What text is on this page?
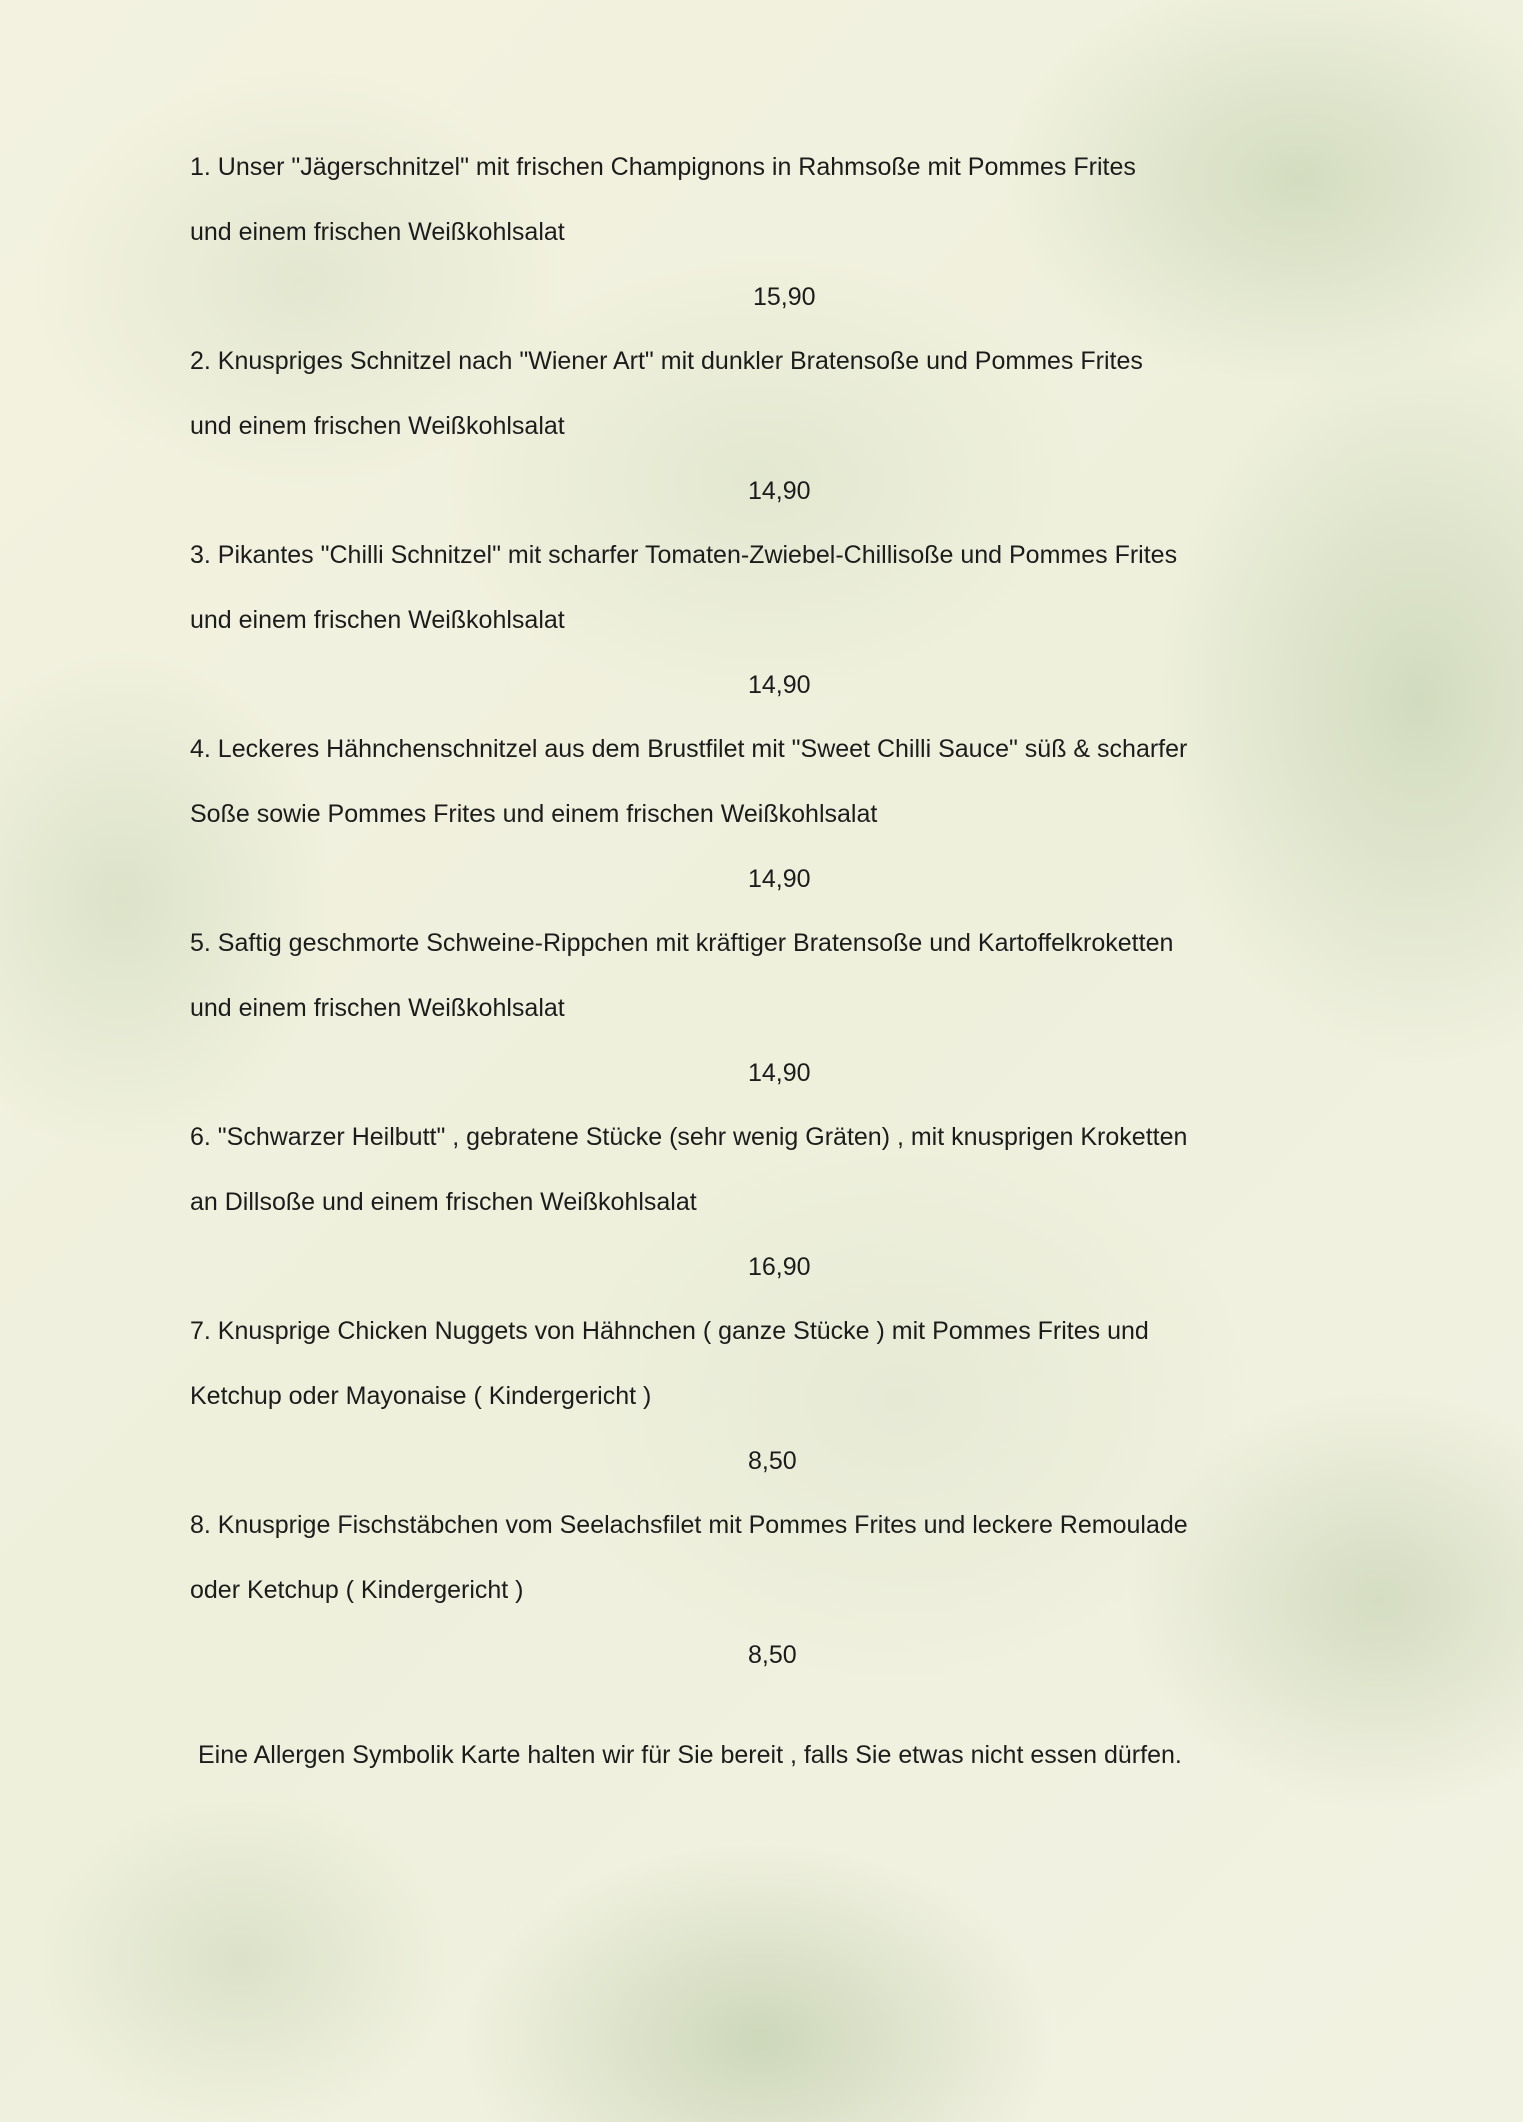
1. Unser "Jägerschnitzel" mit frischen Champignons in Rahmsoße mit Pommes Frites
und einem frischen Weißkohlsalat
15,90
2. Knuspriges Schnitzel nach "Wiener Art" mit dunkler Bratensoße und Pommes Frites
und einem frischen Weißkohlsalat
14,90
3. Pikantes "Chilli Schnitzel" mit scharfer Tomaten-Zwiebel-Chillisoße und Pommes Frites
und einem frischen Weißkohlsalat
14,90
4. Leckeres Hähnchenschnitzel aus dem Brustfilet mit "Sweet Chilli Sauce" süß & scharfer
Soße sowie Pommes Frites und einem frischen Weißkohlsalat
14,90
5. Saftig geschmorte Schweine-Rippchen mit kräftiger Bratensoße und Kartoffelkroketten
und einem frischen Weißkohlsalat
14,90
6. "Schwarzer Heilbutt" , gebratene Stücke (sehr wenig Gräten) , mit knusprigen Kroketten
an Dillsoße und einem frischen Weißkohlsalat
16,90
7. Knusprige Chicken Nuggets von Hähnchen ( ganze Stücke ) mit Pommes Frites und
Ketchup oder Mayonaise ( Kindergericht )
8,50
8. Knusprige Fischstäbchen vom Seelachsfilet mit Pommes Frites und leckere Remoulade
oder Ketchup ( Kindergericht )
8,50
Eine Allergen Symbolik Karte halten wir für Sie bereit , falls Sie etwas nicht essen dürfen.
